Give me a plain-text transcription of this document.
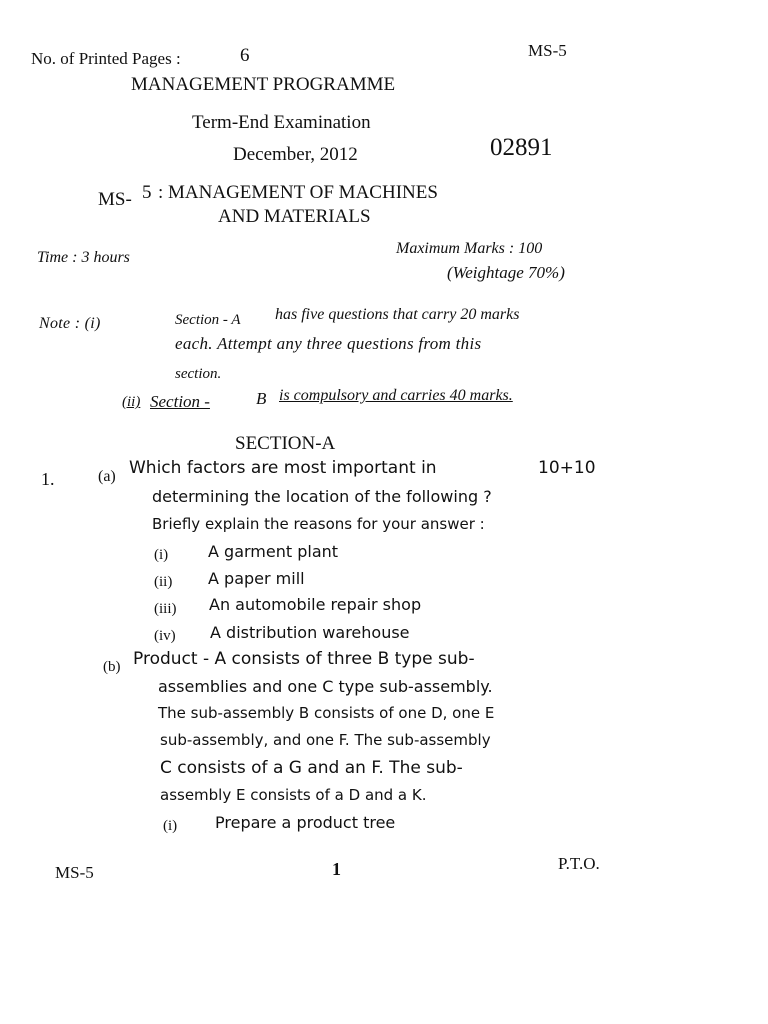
No. of Printed Pages :	6	MS-5
MANAGEMENT PROGRAMME
Term-End Examination
December, 2012	02891
MS- 5 : MANAGEMENT OF MACHINES
AND MATERIALS
Time : 3 hours
Maximum Marks : 100
(Weightage 70%)
Note : (i)	Section - A has five questions that carry 20 marks
each. Attempt any three questions from this
section.
(ii) Section -	B is compulsory and carries 40 marks.
SECTION-A
1.	(a) Which factors are most important in	10+10
determining the location of the following ?
Briefly explain the reasons for your answer :
(i) A garment plant
(ii) A paper mill
(iii) An automobile repair shop
(iv) A distribution warehouse
(b) Product - A consists of three B type sub-
assemblies and one C type sub-assembly.
The sub-assembly B consists of one D, one E
sub-assembly, and one F. The sub-assembly
C consists of a G and an F. The sub-
assembly E consists of a D and a K.
(i) Prepare a product tree
MS-5	1	P.T.O.
